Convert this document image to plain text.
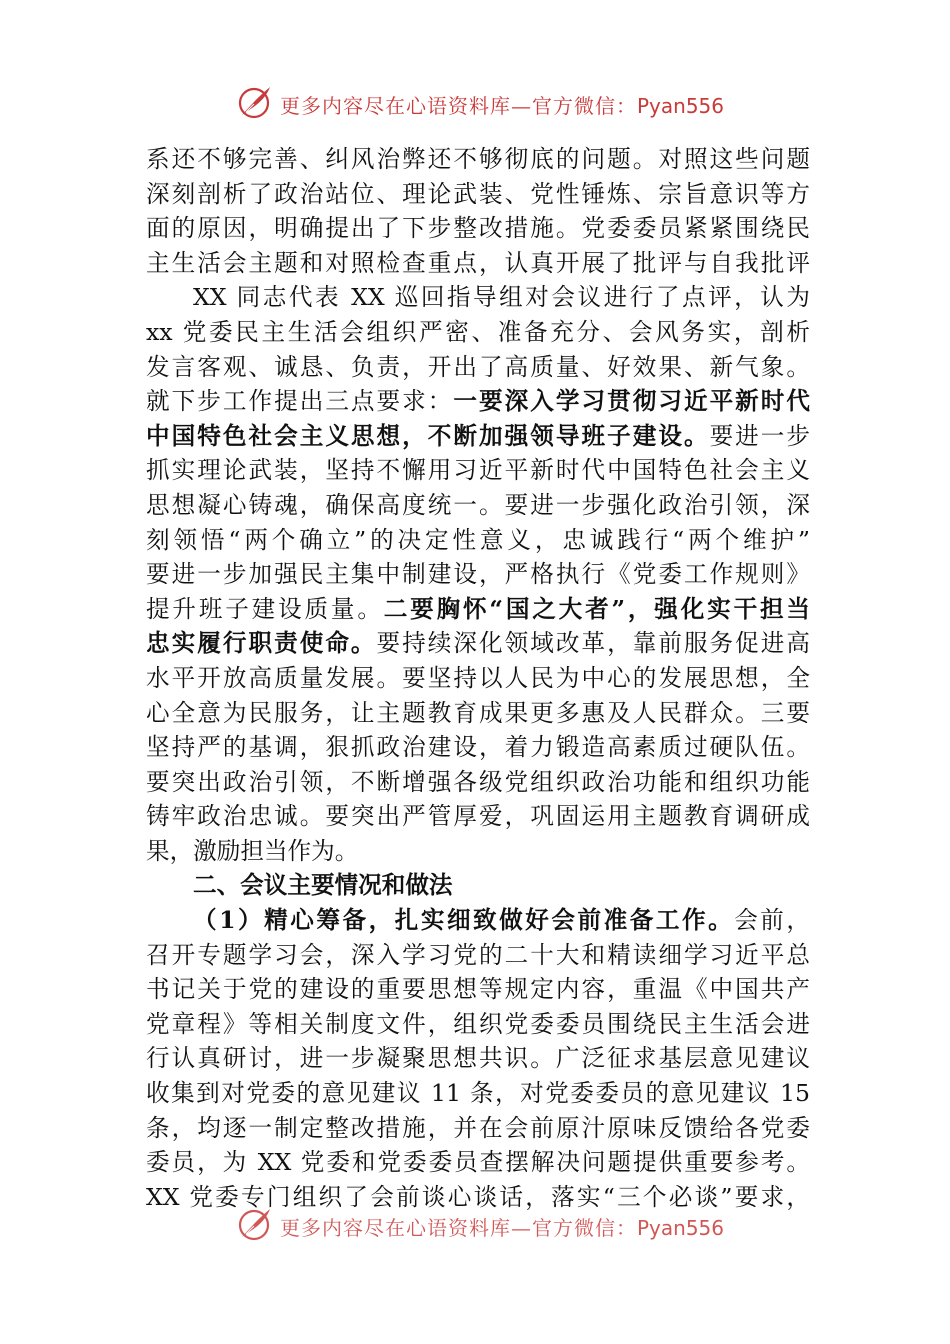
更多内容尽在心语资料库—官方微信：Pyan556
系还不够完善、纠风治弊还不够彻底的问题。对照这些问题
深刻剖析了政治站位、理论武装、党性锤炼、宗旨意识等方
面的原因，明确提出了下步整改措施。党委委员紧紧围绕民
主生活会主题和对照检查重点，认真开展了批评与自我批评
XX 同志代表 XX 巡回指导组对会议进行了点评，认为
xx 党委民主生活会组织严密、准备充分、会风务实，剖析
发言客观、诚恳、负责，开出了高质量、好效果、新气象。
就下步工作提出三点要求：一要深入学习贯彻习近平新时代
中国特色社会主义思想，不断加强领导班子建设。要进一步
抓实理论武装，坚持不懈用习近平新时代中国特色社会主义
思想凝心铸魂，确保高度统一。要进一步强化政治引领，深
刻领悟“两个确立”的决定性意义，忠诚践行“两个维护”
要进一步加强民主集中制建设，严格执行《党委工作规则》
提升班子建设质量。二要胸怀“国之大者”，强化实干担当
忠实履行职责使命。要持续深化领域改革，靠前服务促进高
水平开放高质量发展。要坚持以人民为中心的发展思想，全
心全意为民服务，让主题教育成果更多惠及人民群众。三要
坚持严的基调，狠抓政治建设，着力锻造高素质过硬队伍。
要突出政治引领，不断增强各级党组织政治功能和组织功能
铸牢政治忠诚。要突出严管厚爱，巩固运用主题教育调研成
果，激励担当作为。
二、会议主要情况和做法
（1）精心筹备，扎实细致做好会前准备工作。会前，
召开专题学习会，深入学习党的二十大和精读细学习近平总
书记关于党的建设的重要思想等规定内容，重温《中国共产
党章程》等相关制度文件，组织党委委员围绕民主生活会进
行认真研讨，进一步凝聚思想共识。广泛征求基层意见建议
收集到对党委的意见建议 11 条，对党委委员的意见建议 15
条，均逐一制定整改措施，并在会前原汁原味反馈给各党委
委员，为 XX 党委和党委委员查摆解决问题提供重要参考。
XX 党委专门组织了会前谈心谈话，落实“三个必谈”要求，
更多内容尽在心语资料库—官方微信：Pyan556
